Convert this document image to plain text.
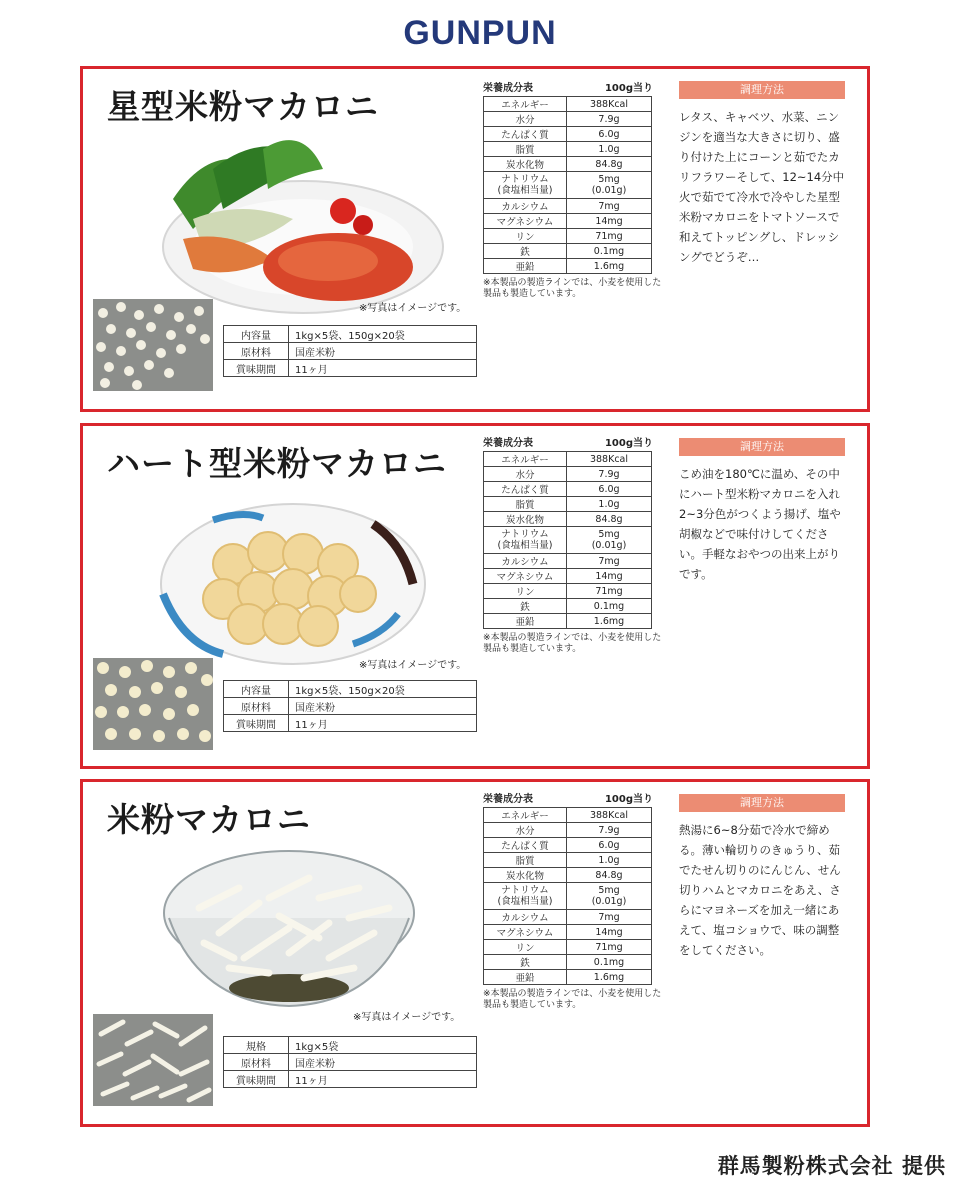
GUNPUN
星型米粉マカロニ
※写真はイメージです。
内容量	1kg×5袋、150g×20袋
原材料	国産米粉
賞味期間	11ヶ月
栄養成分表	100g当り
エネルギー	388Kcal
水分	7.9g
たんぱく質	6.0g
脂質	1.0g
炭水化物	84.8g
ナトリウム
(食塩相当量)	5mg
(0.01g)
カルシウム	7mg
マグネシウム	14mg
リン	71mg
鉄	0.1mg
亜鉛	1.6mg
※本製品の製造ラインでは、小麦を使用した製品も製造しています。
調理方法
レタス、キャベツ、水菜、ニンジンを適当な大きさに切り、盛り付けた上にコーンと茹でたカリフラワーそして、12~14分中火で茹でて冷水で冷やした星型米粉マカロニをトマトソースで和えてトッピングし、ドレッシングでどうぞ…
ハート型米粉マカロニ
※写真はイメージです。
内容量	1kg×5袋、150g×20袋
原材料	国産米粉
賞味期間	11ヶ月
栄養成分表	100g当り
エネルギー	388Kcal
水分	7.9g
たんぱく質	6.0g
脂質	1.0g
炭水化物	84.8g
ナトリウム
(食塩相当量)	5mg
(0.01g)
カルシウム	7mg
マグネシウム	14mg
リン	71mg
鉄	0.1mg
亜鉛	1.6mg
※本製品の製造ラインでは、小麦を使用した製品も製造しています。
調理方法
こめ油を180℃に温め、その中にハート型米粉マカロニを入れ2~3分色がつくよう揚げ、塩や胡椒などで味付けしてください。手軽なおやつの出来上がりです。
米粉マカロニ
※写真はイメージです。
規格	1kg×5袋
原材料	国産米粉
賞味期間	11ヶ月
栄養成分表	100g当り
エネルギー	388Kcal
水分	7.9g
たんぱく質	6.0g
脂質	1.0g
炭水化物	84.8g
ナトリウム
(食塩相当量)	5mg
(0.01g)
カルシウム	7mg
マグネシウム	14mg
リン	71mg
鉄	0.1mg
亜鉛	1.6mg
※本製品の製造ラインでは、小麦を使用した製品も製造しています。
調理方法
熱湯に6~8分茹で冷水で締める。薄い輪切りのきゅうり、茹でたせん切りのにんじん、せん切りハムとマカロニをあえ、さらにマヨネーズを加え一緒にあえて、塩コショウで、味の調整をしてください。
群馬製粉株式会社 提供
